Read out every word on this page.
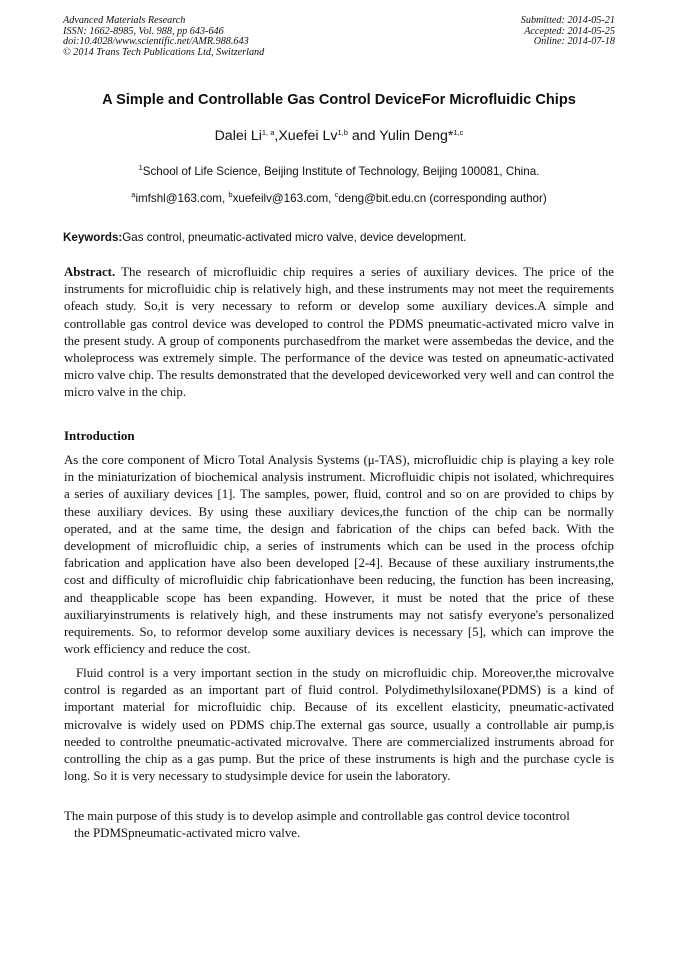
Advanced Materials Research
ISSN: 1662-8985, Vol. 988, pp 643-646
doi:10.4028/www.scientific.net/AMR.988.643
© 2014 Trans Tech Publications Ltd, Switzerland
Submitted: 2014-05-21
Accepted: 2014-05-25
Online: 2014-07-18
A Simple and Controllable Gas Control DeviceFor Microfluidic Chips
Dalei Li$^{1, a}$,Xuefei Lv$^{1,b}$ and Yulin Deng*$^{1,c}$
$^1$School of Life Science, Beijing Institute of Technology, Beijing 100081, China.
$^a$imfshl@163.com, $^b$xuefeilv@163.com, $^c$deng@bit.edu.cn (corresponding author)
Keywords:Gas control, pneumatic-activated micro valve, device development.

Abstract. The research of microfluidic chip requires a series of auxiliary devices. The price of the instruments for microfluidic chip is relatively high, and these instruments may not meet the requirements ofeach study. So,it is very necessary to reform or develop some auxiliary devices.A simple and controllable gas control device was developed to control the PDMS pneumatic-activated micro valve in the present study. A group of components purchasedfrom the market were assembedas the device, and the wholeprocess was extremely simple. The performance of the device was tested on apneumatic-activated micro valve chip. The results demonstrated that the developed deviceworked very well and can control the micro valve in the chip.

Introduction

As the core component of Micro Total Analysis Systems (μ-TAS), microfluidic chip is playing a key role in the miniaturization of biochemical analysis instrument. Microfluidic chipis not isolated, whichrequires a series of auxiliary devices [1]. The samples, power, fluid, control and so on are provided to chips by these auxiliary devices. By using these auxiliary devices,the function of the chip can be normally operated, and at the same time, the design and fabrication of the chips can befed back. With the development of microfluidic chip, a series of instruments which can be used in the process ofchip fabrication and application have also been developed [2-4]. Because of these auxiliary instruments,the cost and difficulty of microfluidic chip fabricationhave been reducing, the function has been increasing, and theapplicable scope has been expanding. However, it must be noted that the price of these auxiliaryinstruments is relatively high, and these instruments may not satisfy everyone's personalized requirements. So, to reformor develop some auxiliary devices is necessary [5], which can improve the work efficiency and reduce the cost.

Fluid control is a very important section in the study on microfluidic chip. Moreover,the microvalve control is regarded as an important part of fluid control. Polydimethylsiloxane(PDMS) is a kind of important material for microfluidic chip. Because of its excellent elasticity, pneumatic-activated microvalve is widely used on PDMS chip.The external gas source, usually a controllable air pump,is needed to controlthe pneumatic-activated microvalve. There are commercialized instruments abroad for controlling the chip as a gas pump. But the price of these instruments is high and the purchase cycle is long. So it is very necessary to studysimple device for usein the laboratory.

The main purpose of this study is to develop asimple and controllable gas control device tocontrol
the PDMSpneumatic-activated micro valve.
